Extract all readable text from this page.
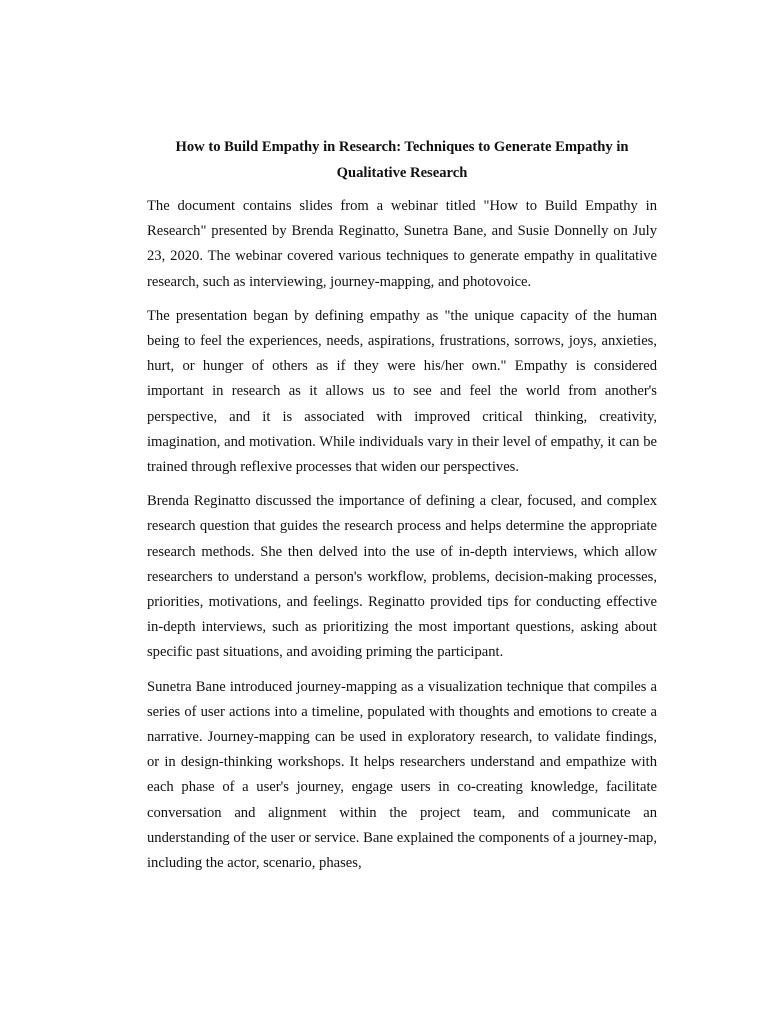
How to Build Empathy in Research: Techniques to Generate Empathy in Qualitative Research

The document contains slides from a webinar titled "How to Build Empathy in Research" presented by Brenda Reginatto, Sunetra Bane, and Susie Donnelly on July 23, 2020. The webinar covered various techniques to generate empathy in qualitative research, such as interviewing, journey-mapping, and photovoice.

The presentation began by defining empathy as "the unique capacity of the human being to feel the experiences, needs, aspirations, frustrations, sorrows, joys, anxieties, hurt, or hunger of others as if they were his/her own." Empathy is considered important in research as it allows us to see and feel the world from another's perspective, and it is associated with improved critical thinking, creativity, imagination, and motivation. While individuals vary in their level of empathy, it can be trained through reflexive processes that widen our perspectives.

Brenda Reginatto discussed the importance of defining a clear, focused, and complex research question that guides the research process and helps determine the appropriate research methods. She then delved into the use of in-depth interviews, which allow researchers to understand a person's workflow, problems, decision-making processes, priorities, motivations, and feelings. Reginatto provided tips for conducting effective in-depth interviews, such as prioritizing the most important questions, asking about specific past situations, and avoiding priming the participant.

Sunetra Bane introduced journey-mapping as a visualization technique that compiles a series of user actions into a timeline, populated with thoughts and emotions to create a narrative. Journey-mapping can be used in exploratory research, to validate findings, or in design-thinking workshops. It helps researchers understand and empathize with each phase of a user's journey, engage users in co-creating knowledge, facilitate conversation and alignment within the project team, and communicate an understanding of the user or service. Bane explained the components of a journey-map, including the actor, scenario, phases,
